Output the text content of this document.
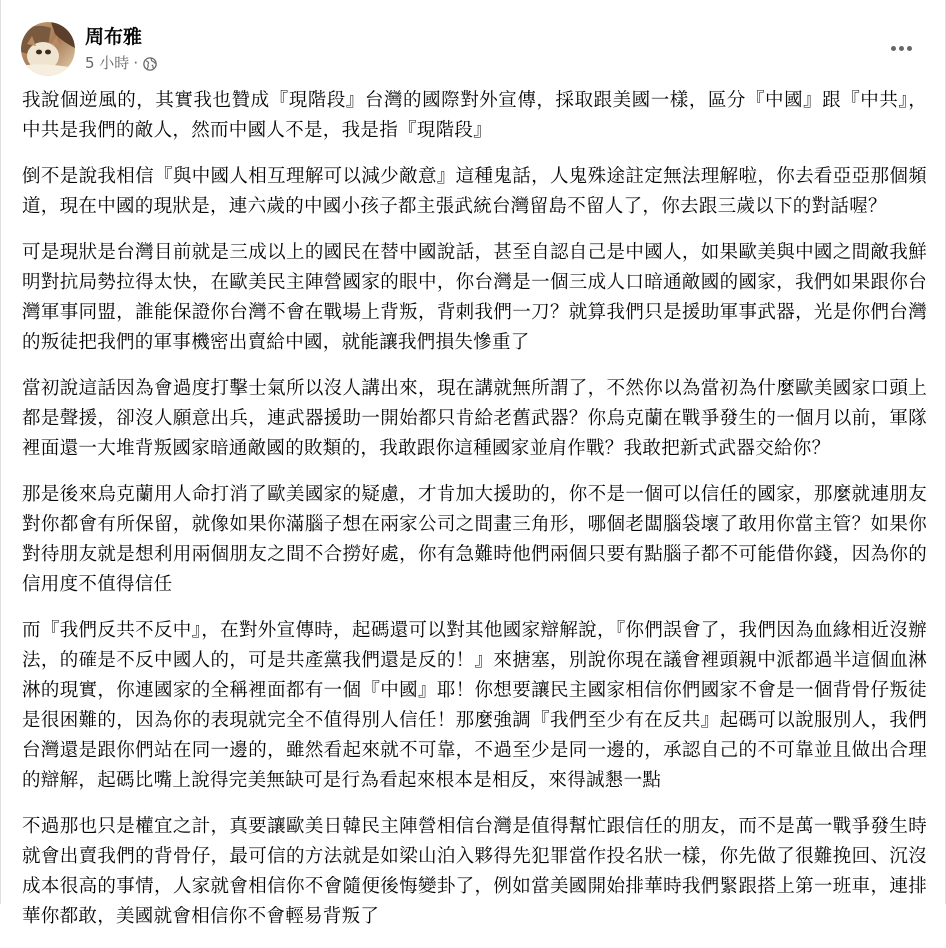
周布雅
5 小時 ·

我說個逆風的，其實我也贊成『現階段』台灣的國際對外宣傳，採取跟美國一樣，區分『中國』跟『中共』，中共是我們的敵人，然而中國人不是，我是指『現階段』

倒不是說我相信『與中國人相互理解可以減少敵意』這種鬼話，人鬼殊途註定無法理解啦，你去看亞亞那個頻道，現在中國的現狀是，連六歲的中國小孩子都主張武統台灣留島不留人了，你去跟三歲以下的對話喔？

可是現狀是台灣目前就是三成以上的國民在替中國說話，甚至自認自己是中國人，如果歐美與中國之間敵我鮮明對抗局勢拉得太快，在歐美民主陣營國家的眼中，你台灣是一個三成人口暗通敵國的國家，我們如果跟你台灣軍事同盟，誰能保證你台灣不會在戰場上背叛，背刺我們一刀？就算我們只是援助軍事武器，光是你們台灣的叛徒把我們的軍事機密出賣給中國，就能讓我們損失慘重了

當初說這話因為會過度打擊士氣所以沒人講出來，現在講就無所謂了，不然你以為當初為什麼歐美國家口頭上都是聲援，卻沒人願意出兵，連武器援助一開始都只肯給老舊武器？你烏克蘭在戰爭發生的一個月以前，軍隊裡面還一大堆背叛國家暗通敵國的敗類的，我敢跟你這種國家並肩作戰？我敢把新式武器交給你？

那是後來烏克蘭用人命打消了歐美國家的疑慮，才肯加大援助的，你不是一個可以信任的國家，那麼就連朋友對你都會有所保留，就像如果你滿腦子想在兩家公司之間畫三角形，哪個老闆腦袋壞了敢用你當主管？如果你對待朋友就是想利用兩個朋友之間不合撈好處，你有急難時他們兩個只要有點腦子都不可能借你錢，因為你的信用度不值得信任

而『我們反共不反中』，在對外宣傳時，起碼還可以對其他國家辯解說，『你們誤會了，我們因為血緣相近沒辦法，的確是不反中國人的，可是共產黨我們還是反的！』來搪塞，別說你現在議會裡頭親中派都過半這個血淋淋的現實，你連國家的全稱裡面都有一個『中國』耶！你想要讓民主國家相信你們國家不會是一個背骨仔叛徒是很困難的，因為你的表現就完全不值得別人信任！那麼強調『我們至少有在反共』起碼可以說服別人，我們台灣還是跟你們站在同一邊的，雖然看起來就不可靠，不過至少是同一邊的，承認自己的不可靠並且做出合理的辯解，起碼比嘴上說得完美無缺可是行為看起來根本是相反，來得誠懇一點

不過那也只是權宜之計，真要讓歐美日韓民主陣營相信台灣是值得幫忙跟信任的朋友，而不是萬一戰爭發生時就會出賣我們的背骨仔，最可信的方法就是如梁山泊入夥得先犯罪當作投名狀一樣，你先做了很難挽回、沉沒成本很高的事情，人家就會相信你不會隨便後悔變卦了，例如當美國開始排華時我們緊跟搭上第一班車，連排華你都敢，美國就會相信你不會輕易背叛了
